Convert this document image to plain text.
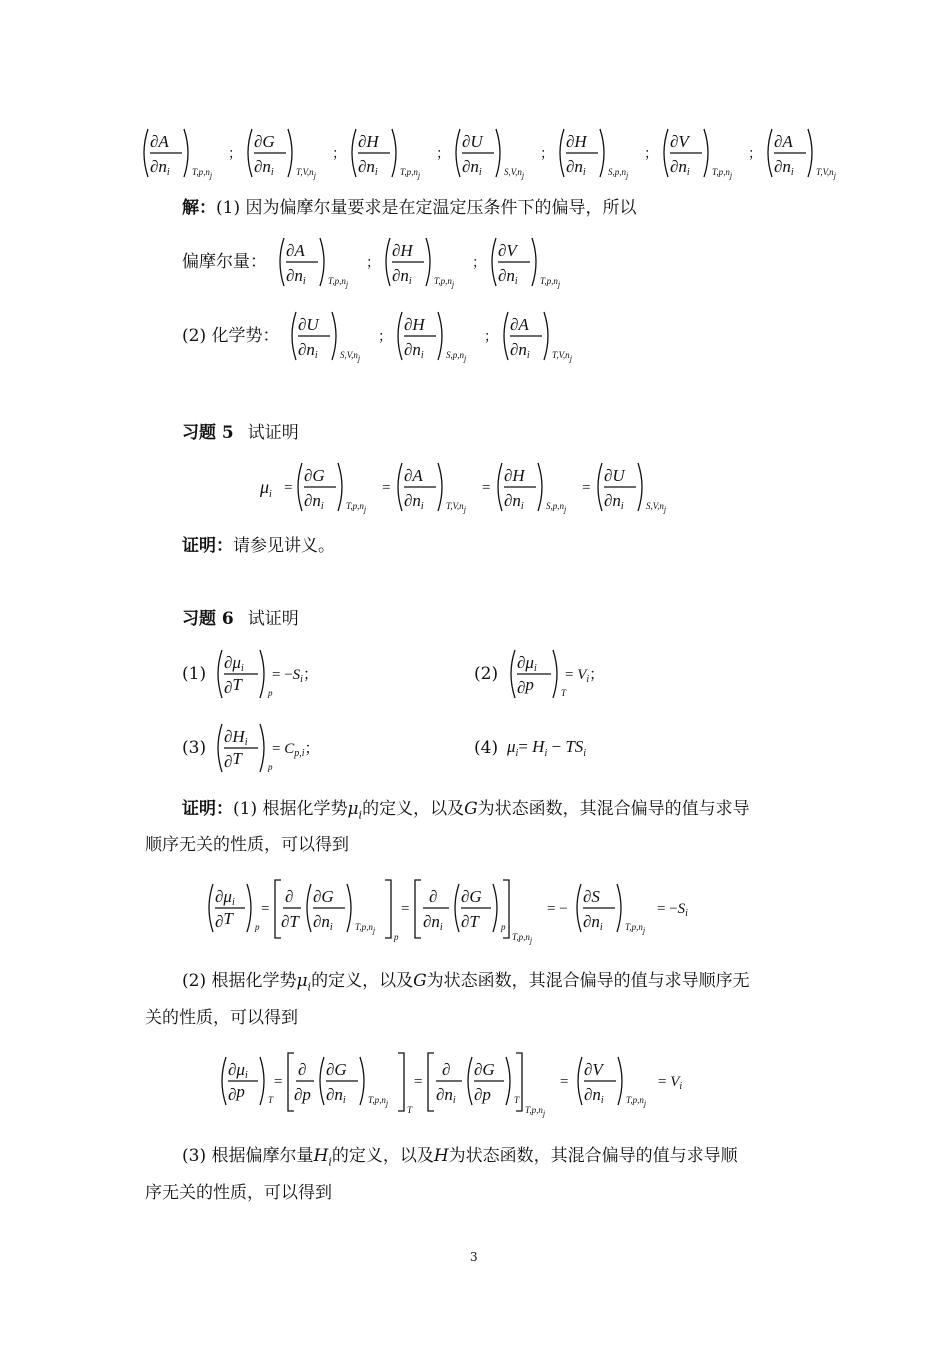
∂A
∂ni T,p,nj
；
∂G
∂ni T,V,nj
；
∂H
∂ni T,p,nj
；
∂U
∂ni S,V,nj
；
∂H
∂ni S,p,nj
；
∂V
∂ni T,p,nj
；
∂A
∂ni T,V,nj
解：(1) 因为偏摩尔量要求是在定温定压条件下的偏导，所以
偏摩尔量：
∂A
∂ni T,p,nj
；
∂H
∂ni T,p,nj
；
∂V
∂ni T,p,nj
(2) 化学势：
∂U
∂ni S,V,nj
；
∂H
∂ni S,p,nj
；
∂A
∂ni T,V,nj
习题 5 试证明
$\mu_i$ =
∂G
∂ni T,p,nj
=
∂A
∂ni T,V,nj
=
∂H
∂ni S,p,nj
=
∂U
∂ni S,V,nj
证明：请参见讲义。
习题 6 试证明
(1)
∂μi
∂T	p
= $-S_i$；	(2)
∂μi
∂p	T
= $V_i$；
(3)
∂Hi
∂T	p
= $C_{p,i}$；	(4) $\mu_i= H_i - TS_i$
证明：(1) 根据化学势$\mu_i$的定义，以及G为状态函数，其混合偏导的值与求导
顺序无关的性质，可以得到
∂μi
∂T p
=
∂
∂T
∂G
∂ni T,p,nj
p
=
∂
∂ni
∂G
∂T p
T,p,nj
= −
∂S
∂ni T,p,nj
= $-S_i$
(2) 根据化学势$\mu_i$的定义，以及G为状态函数，其混合偏导的值与求导顺序无
关的性质，可以得到
∂μi
∂p	T
=
∂
∂p
∂G
∂ni T,p,nj
T
=
∂
∂ni
∂G
∂p	T
T,p,nj
=
∂V
∂ni T,p,nj
= $V_i$
(3) 根据偏摩尔量$H_i$的定义，以及H为状态函数，其混合偏导的值与求导顺
序无关的性质，可以得到
3
